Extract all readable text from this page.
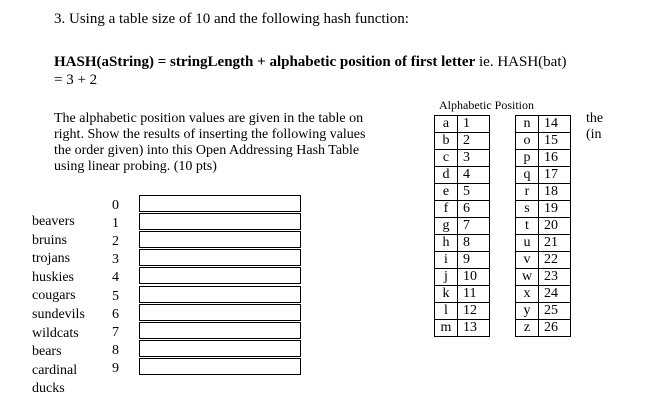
3. Using a table size of 10 and the following hash function:
HASH(aString) = stringLength + alphabetic position of first letter ie. HASH(bat)
= 3 + 2
The alphabetic position values are given in the table on
right. Show the results of inserting the following values
the order given) into this Open Addressing Hash Table
using linear probing. (10 pts)
the
(in
Alphabetic Position
a	1
b	2
c	3
d	4
e	5
f	6
g	7
h	8
i	9
j	10
k	11
l	12
m	13
n	14
o	15
p	16
q	17
r	18
s	19
t	20
u	21
v	22
w	23
x	24
y	25
z	26
0
1
2
3
4
5
6
7
8
9
beavers
bruins
trojans
huskies
cougars
sundevils
wildcats
bears
cardinal
ducks
